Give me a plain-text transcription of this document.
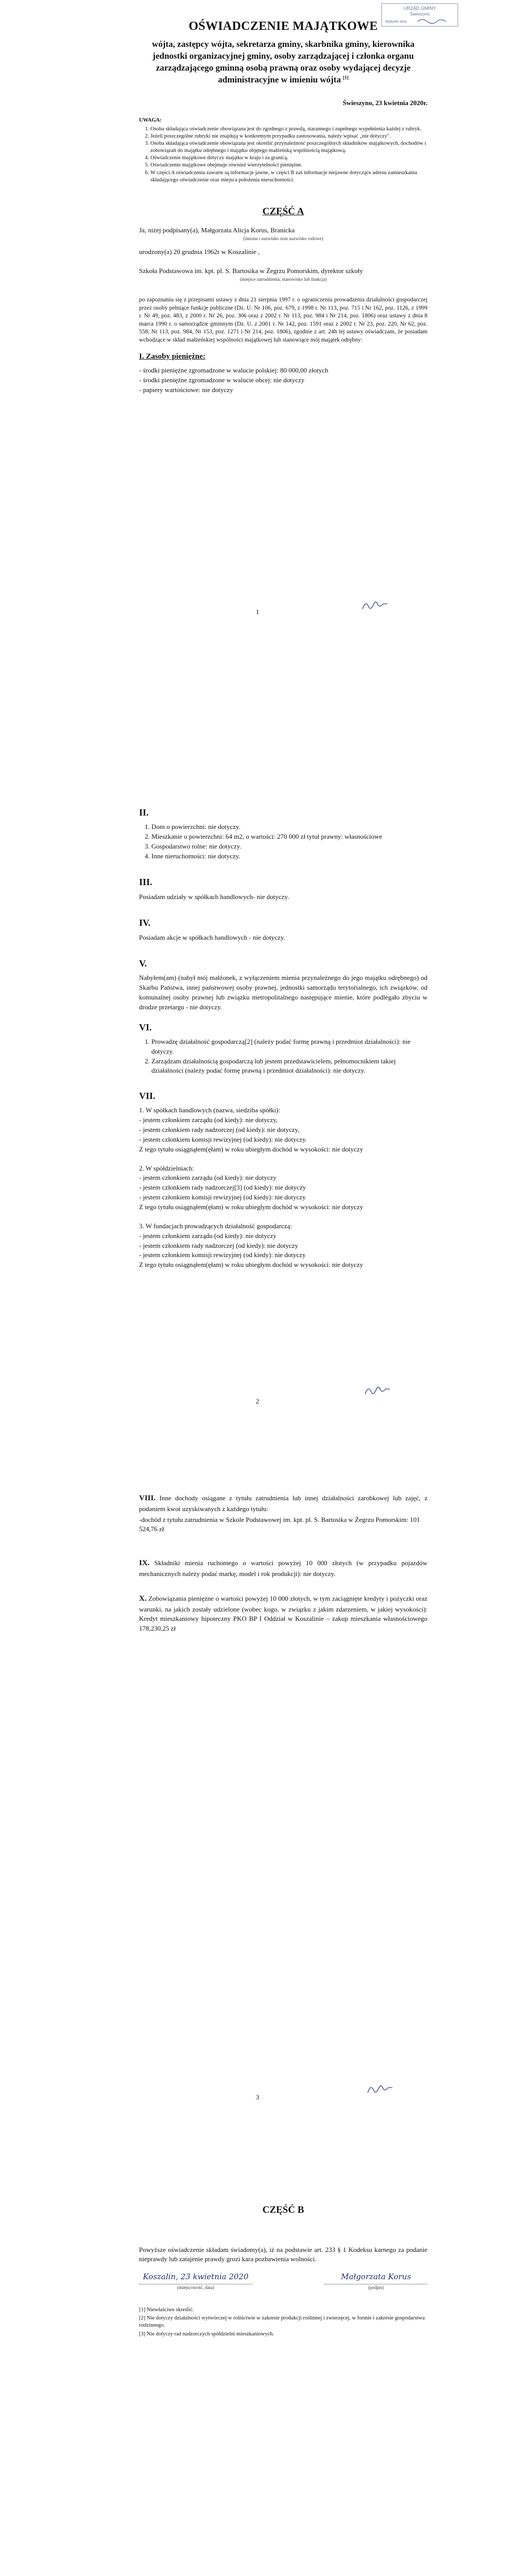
URZĄD GMINY
Świeszyno
Wpływło dnia
OŚWIADCZENIE MAJĄTKOWE

wójta, zastępcy wójta, sekretarza gminy, skarbnika gminy, kierownika jednostki organizacyjnej gminy, osoby zarządzającej i członka organu zarządzającego gminną osobą prawną oraz osoby wydającej decyzje administracyjne w imieniu wójta [1]

Świeszyno, 23 kwietnia 2020r.

UWAGA:
1. Osoba składająca oświadczenie obowiązana jest do zgodnego z prawdą, starannego i zupełnego wypełnienia każdej z rubryk.
2. Jeżeli poszczególne rubryki nie znajdują w konkretnym przypadku zastosowania, należy wpisać „nie dotyczy".
3. Osoba składająca oświadczenie obowiązana jest określić przynależność poszczególnych składników majątkowych, dochodów i zobowiązań do majątku odrębnego i majątku objętego małżeńską wspólnością majątkową.
4. Oświadczenie majątkowe dotyczy majątku w kraju i za granicą.
5. Oświadczenie majątkowe obejmuje również wierzytelności pieniężne.
6. W części A oświadczenia zawarte są informacje jawne, w części B zaś informacje niejawne dotyczące adresu zamieszkania składającego oświadczenie oraz miejsca położenia nieruchomości.

CZĘŚĆ A

Ja, niżej podpisany(a), Małgorzata Alicja Korus, Branicka

(imiona i nazwisko oraz nazwisko rodowe)

urodzony(a) 20 grudnia 1962r w Koszalinie ,

Szkoła Podstawowa im. kpt. pl. S. Bartosika w Żegrzu Pomorskim, dyrektor szkoły

(miejsce zatrudnienia, stanowisko lub funkcja)

po zapoznaniu się z przepisami ustawy z dnia 21 sierpnia 1997 r. o ograniczeniu prowadzenia działalności gospodarczej przez osoby pełniące funkcje publiczne (Dz. U. Nr 106, poz. 679, z 1998 r. Nr 113, poz. 715 i Nr 162, poz. 1126, z 1999 r. Nr 49, poz. 483, z 2000 r. Nr 26, poz. 306 oraz z 2002 r. Nr 113, poz. 984 i Nr 214, poz. 1806) oraz ustawy z dnia 8 marca 1990 r. o samorządzie gminnym (Dz. U. z 2001 r. Nr 142, poz. 1591 oraz z 2002 r. Nr 23, poz. 220, Nr 62, poz. 558, Nr 113, poz. 984, Nr 153, poz. 1271 i Nr 214, poz. 1806), zgodnie z art. 24h tej ustawy oświadczam, że posiadam wchodzące w skład małżeńskiej wspólności majątkowej lub stanowiące mój majątek odrębny:

I. Zasoby pieniężne:
- środki pieniężne zgromadzone w walucie polskiej: 80 000,00 złotych
- środki pieniężne zgromadzone w walucie obcej: nie dotyczy
- papiery wartościowe: nie dotyczy
1
II.
1. Dom o powierzchni: nie dotyczy.
2. Mieszkanie o powierzchni: 64 m2, o wartości: 270 000 zł tytuł prawny: własnościowe
3. Gospodarstwo rolne: nie dotyczy.
4. Inne nieruchomości: nie dotyczy.
III.

Posiadam udziały w spółkach handlowych- nie dotyczy.

IV.

Posiadam akcje w spółkach handlowych - nie dotyczy.

V.

Nabyłem(am) (nabył mój małżonek, z wyłączeniem mienia przynależnego do jego majątku odrębnego) od Skarbu Państwa, innej państwowej osoby prawnej, jednostki samorządu terytorialnego, ich związków, od komunalnej osoby prawnej lub związku metropolitalnego następujące mienie, które podlegało zbyciu w drodze przetargu - nie dotyczy.

VI.
1. Prowadzę działalność gospodarczą[2] (należy podać formę prawną i przedmiot działalności): nie dotyczy.
2. Zarządzam działalnością gospodarczą lub jestem przedstawicielem, pełnomocnikiem takiej działalności (należy podać formę prawną i przedmiot działalności): nie dotyczy.
VII.
1. W spółkach handlowych (nazwa, siedziba spółki):
- jestem członkiem zarządu (od kiedy): nie dotyczy,
- jestem członkiem rady nadzorczej (od kiedy): nie dotyczy,
- jestem członkiem komisji rewizyjnej (od kiedy): nie dotyczy.

Z tego tytułu osiągnąłem(ęłam) w roku ubiegłym dochód w wysokości: nie dotyczy

2. W spółdzielniach:
- jestem członkiem zarządu (od kiedy): nie dotyczy
- jestem członkiem rady nadzorczej[3] (od kiedy): nie dotyczy
- jestem członkiem komisji rewizyjnej (od kiedy): nie dotyczy

Z tego tytułu osiągnąłem(ęłam) w roku ubiegłym dochód w wysokości: nie dotyczy

3. W fundacjach prowadzących działalność gospodarczą:
- jestem członkiem zarządu (od kiedy): nie dotyczy
- jestem członkiem rady nadzorczej (od kiedy): nie dotyczy
- jestem członkiem komisji rewizyjnej (od kiedy): nie dotyczy

Z tego tytułu osiągnąłem(ęłam) w roku ubiegłym dochód w wysokości: nie dotyczy

2

VIII. Inne dochody osiągane z tytułu zatrudnienia lub innej działalności zarobkowej lub zajęć, z podaniem kwot uzyskiwanych z każdego tytułu:

-dochód z tytułu zatrudnienia w Szkole Podstawowej im. kpt. pl. S. Bartosika w Żegrzu Pomorskim: 101 524,76 zł

IX. Składniki mienia ruchomego o wartości powyżej 10 000 złotych (w przypadku pojazdów mechanicznych należy podać markę, model i rok produkcji): nie dotyczy.

X. Zobowiązania pieniężne o wartości powyżej 10 000 złotych, w tym zaciągnięte kredyty i pożyczki oraz warunki, na jakich zostały udzielone (wobec kogo, w związku z jakim zdarzeniem, w jakiej wysokości): Kredyt mieszkaniowy hipoteczny PKO BP I Oddział w Koszalinie – zakup mieszkania własnościowego 178,230,25 zł

3

CZĘŚĆ B

Powyższe oświadczenie składam świadomy(a), iż na podstawie art. 233 § 1 Kodeksu karnego za podanie nieprawdy lub zatajenie prawdy grozi kara pozbawienia wolności.

Koszalin, 23 kwietnia 2020
(miejscowość, data)
Małgorzata Korus
(podpis)
[1] Niewłaściwe skreślić.
[2] Nie dotyczy działalności wytwórczej w rolnictwie w zakresie produkcji roślinnej i zwierzęcej, w formie i zakresie gospodarstwa rodzinnego.
[3] Nie dotyczy rad nadzorczych spółdzielni mieszkaniowych.
